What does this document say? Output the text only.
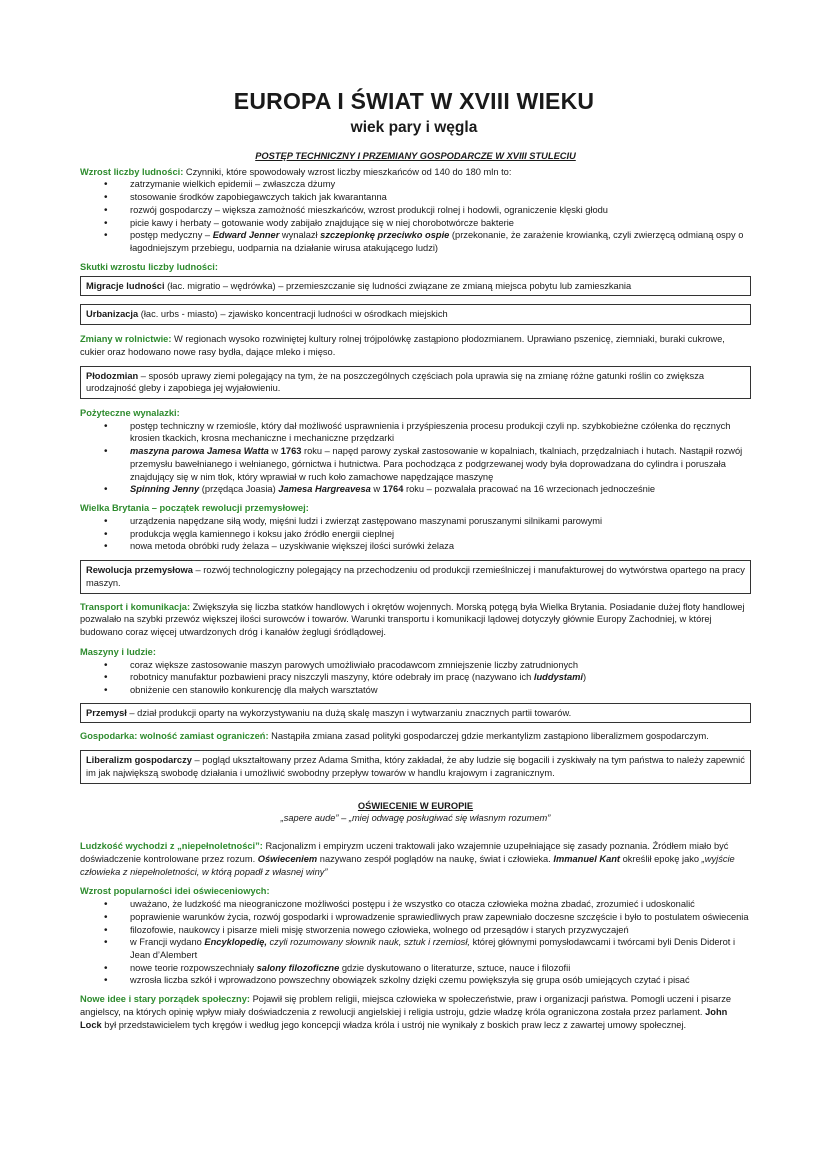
EUROPA I ŚWIAT W XVIII WIEKU
wiek pary i węgla

POSTĘP TECHNICZNY I PRZEMIANY GOSPODARCZE W XVIII STULECIU

Wzrost liczby ludności: Czynniki, które spowodowały wzrost liczby mieszkańców od 140 do 180 mln to:

• zatrzymanie wielkich epidemii – zwłaszcza dżumy
• stosowanie środków zapobiegawczych takich jak kwarantanna
• rozwój gospodarczy – większa zamożność mieszkańców, wzrost produkcji rolnej i hodowli, ograniczenie klęski głodu
• picie kawy i herbaty – gotowanie wody zabijało znajdujące się w niej chorobotwórcze bakterie
• postęp medyczny – Edward Jenner wynalazł szczepionkę przeciwko ospie (przekonanie, że zarażenie krowianką, czyli zwierzęcą odmianą ospy o łagodniejszym przebiegu, uodparnia na działanie wirusa atakującego ludzi)

Skutki wzrostu liczby ludności:

Migracje ludności (łac. migratio – wędrówka) – przemieszczanie się ludności związane ze zmianą miejsca pobytu lub zamieszkania
Urbanizacja (łac. urbs - miasto) – zjawisko koncentracji ludności w ośrodkach miejskich

Zmiany w rolnictwie: W regionach wysoko rozwiniętej kultury rolnej trójpolówkę zastąpiono płodozmianem. Uprawiano pszenicę, ziemniaki, buraki cukrowe, cukier oraz hodowano nowe rasy bydła, dające mleko i mięso.

Płodozmian – sposób uprawy ziemi polegający na tym, że na poszczególnych częściach pola uprawia się na zmianę różne gatunki roślin co zwiększa urodzajność gleby i zapobiega jej wyjałowieniu.

Pożyteczne wynalazki:

• postęp techniczny w rzemiośle, który dał możliwość usprawnienia i przyśpieszenia procesu produkcji czyli np. szybkobieżne czółenka do ręcznych krosien tkackich, krosna mechaniczne i mechaniczne przędzarki
• maszyna parowa Jamesa Watta w 1763 roku – napęd parowy zyskał zastosowanie w kopalniach, tkalniach, przędzalniach i hutach. Nastąpił rozwój przemysłu bawełnianego i wełnianego, górnictwa i hutnictwa. Para pochodząca z podgrzewanej wody była doprowadzana do cylindra i poruszała znajdujący się w nim tłok, który wprawiał w ruch koło zamachowe napędzające maszynę
• Spinning Jenny (przędąca Joasia) Jamesa Hargreavesa w 1764 roku – pozwalała pracować na 16 wrzecionach jednocześnie

Wielka Brytania – początek rewolucji przemysłowej:

• urządzenia napędzane siłą wody, mięśni ludzi i zwierząt zastępowano maszynami poruszanymi silnikami parowymi
• produkcja węgla kamiennego i koksu jako źródło energii cieplnej
• nowa metoda obróbki rudy żelaza – uzyskiwanie większej ilości surówki żelaza
Rewolucja przemysłowa – rozwój technologiczny polegający na przechodzeniu od produkcji rzemieślniczej i manufakturowej do wytwórstwa opartego na pracy maszyn.

Transport i komunikacja: Zwiększyła się liczba statków handlowych i okrętów wojennych. Morską potęgą była Wielka Brytania. Posiadanie dużej floty handlowej pozwalało na szybki przewóz większej ilości surowców i towarów. Warunki transportu i komunikacji lądowej dotyczyły głównie Europy Zachodniej, w której budowano coraz więcej utwardzonych dróg i kanałów żeglugi śródlądowej.

Maszyny i ludzie:

• coraz większe zastosowanie maszyn parowych umożliwiało pracodawcom zmniejszenie liczby zatrudnionych
• robotnicy manufaktur pozbawieni pracy niszczyli maszyny, które odebrały im pracę (nazywano ich luddystami)
• obniżenie cen stanowiło konkurencję dla małych warsztatów
Przemysł – dział produkcji oparty na wykorzystywaniu na dużą skalę maszyn i wytwarzaniu znacznych partii towarów.

Gospodarka: wolność zamiast ograniczeń: Nastąpiła zmiana zasad polityki gospodarczej gdzie merkantylizm zastąpiono liberalizmem gospodarczym.

Liberalizm gospodarczy – pogląd ukształtowany przez Adama Smitha, który zakładał, że aby ludzie się bogacili i zyskiwały na tym państwa to należy zapewnić im jak największą swobodę działania i umożliwić swobodny przepływ towarów w handlu krajowym i zagranicznym.

OŚWIECENIE W EUROPIE

„sapere aude” – „miej odwagę posługiwać się własnym rozumem”

Ludzkość wychodzi z „niepełnoletności”: Racjonalizm i empiryzm uczeni traktowali jako wzajemnie uzupełniające się zasady poznania. Źródłem miało być doświadczenie kontrolowane przez rozum. Oświeceniem nazywano zespół poglądów na naukę, świat i człowieka. Immanuel Kant określił epokę jako „wyjście człowieka z niepełnoletności, w którą popadł z własnej winy”

Wzrost popularności idei oświeceniowych:

• uważano, że ludzkość ma nieograniczone możliwości postępu i że wszystko co otacza człowieka można zbadać, zrozumieć i udoskonalić
• poprawienie warunków życia, rozwój gospodarki i wprowadzenie sprawiedliwych praw zapewniało doczesne szczęście i było to postulatem oświecenia
• filozofowie, naukowcy i pisarze mieli misję stworzenia nowego człowieka, wolnego od przesądów i starych przyzwyczajeń
• w Francji wydano Encyklopedię, czyli rozumowany słownik nauk, sztuk i rzemiosł, której głównymi pomysłodawcami i twórcami byli Denis Diderot i Jean d’Alembert
• nowe teorie rozpowszechniały salony filozoficzne gdzie dyskutowano o literaturze, sztuce, nauce i filozofii
• wzrosła liczba szkół i wprowadzono powszechny obowiązek szkolny dzięki czemu powiększyła się grupa osób umiejących czytać i pisać

Nowe idee i stary porządek społeczny: Pojawił się problem religii, miejsca człowieka w społeczeństwie, praw i organizacji państwa. Pomogli uczeni i pisarze angielscy, na których opinię wpływ miały doświadczenia z rewolucji angielskiej i religia ustroju, gdzie władzę króla ograniczona została przez parlament. John Lock był przedstawicielem tych kręgów i według jego koncepcji władza króla i ustrój nie wynikały z boskich praw lecz z zawartej umowy społecznej.
